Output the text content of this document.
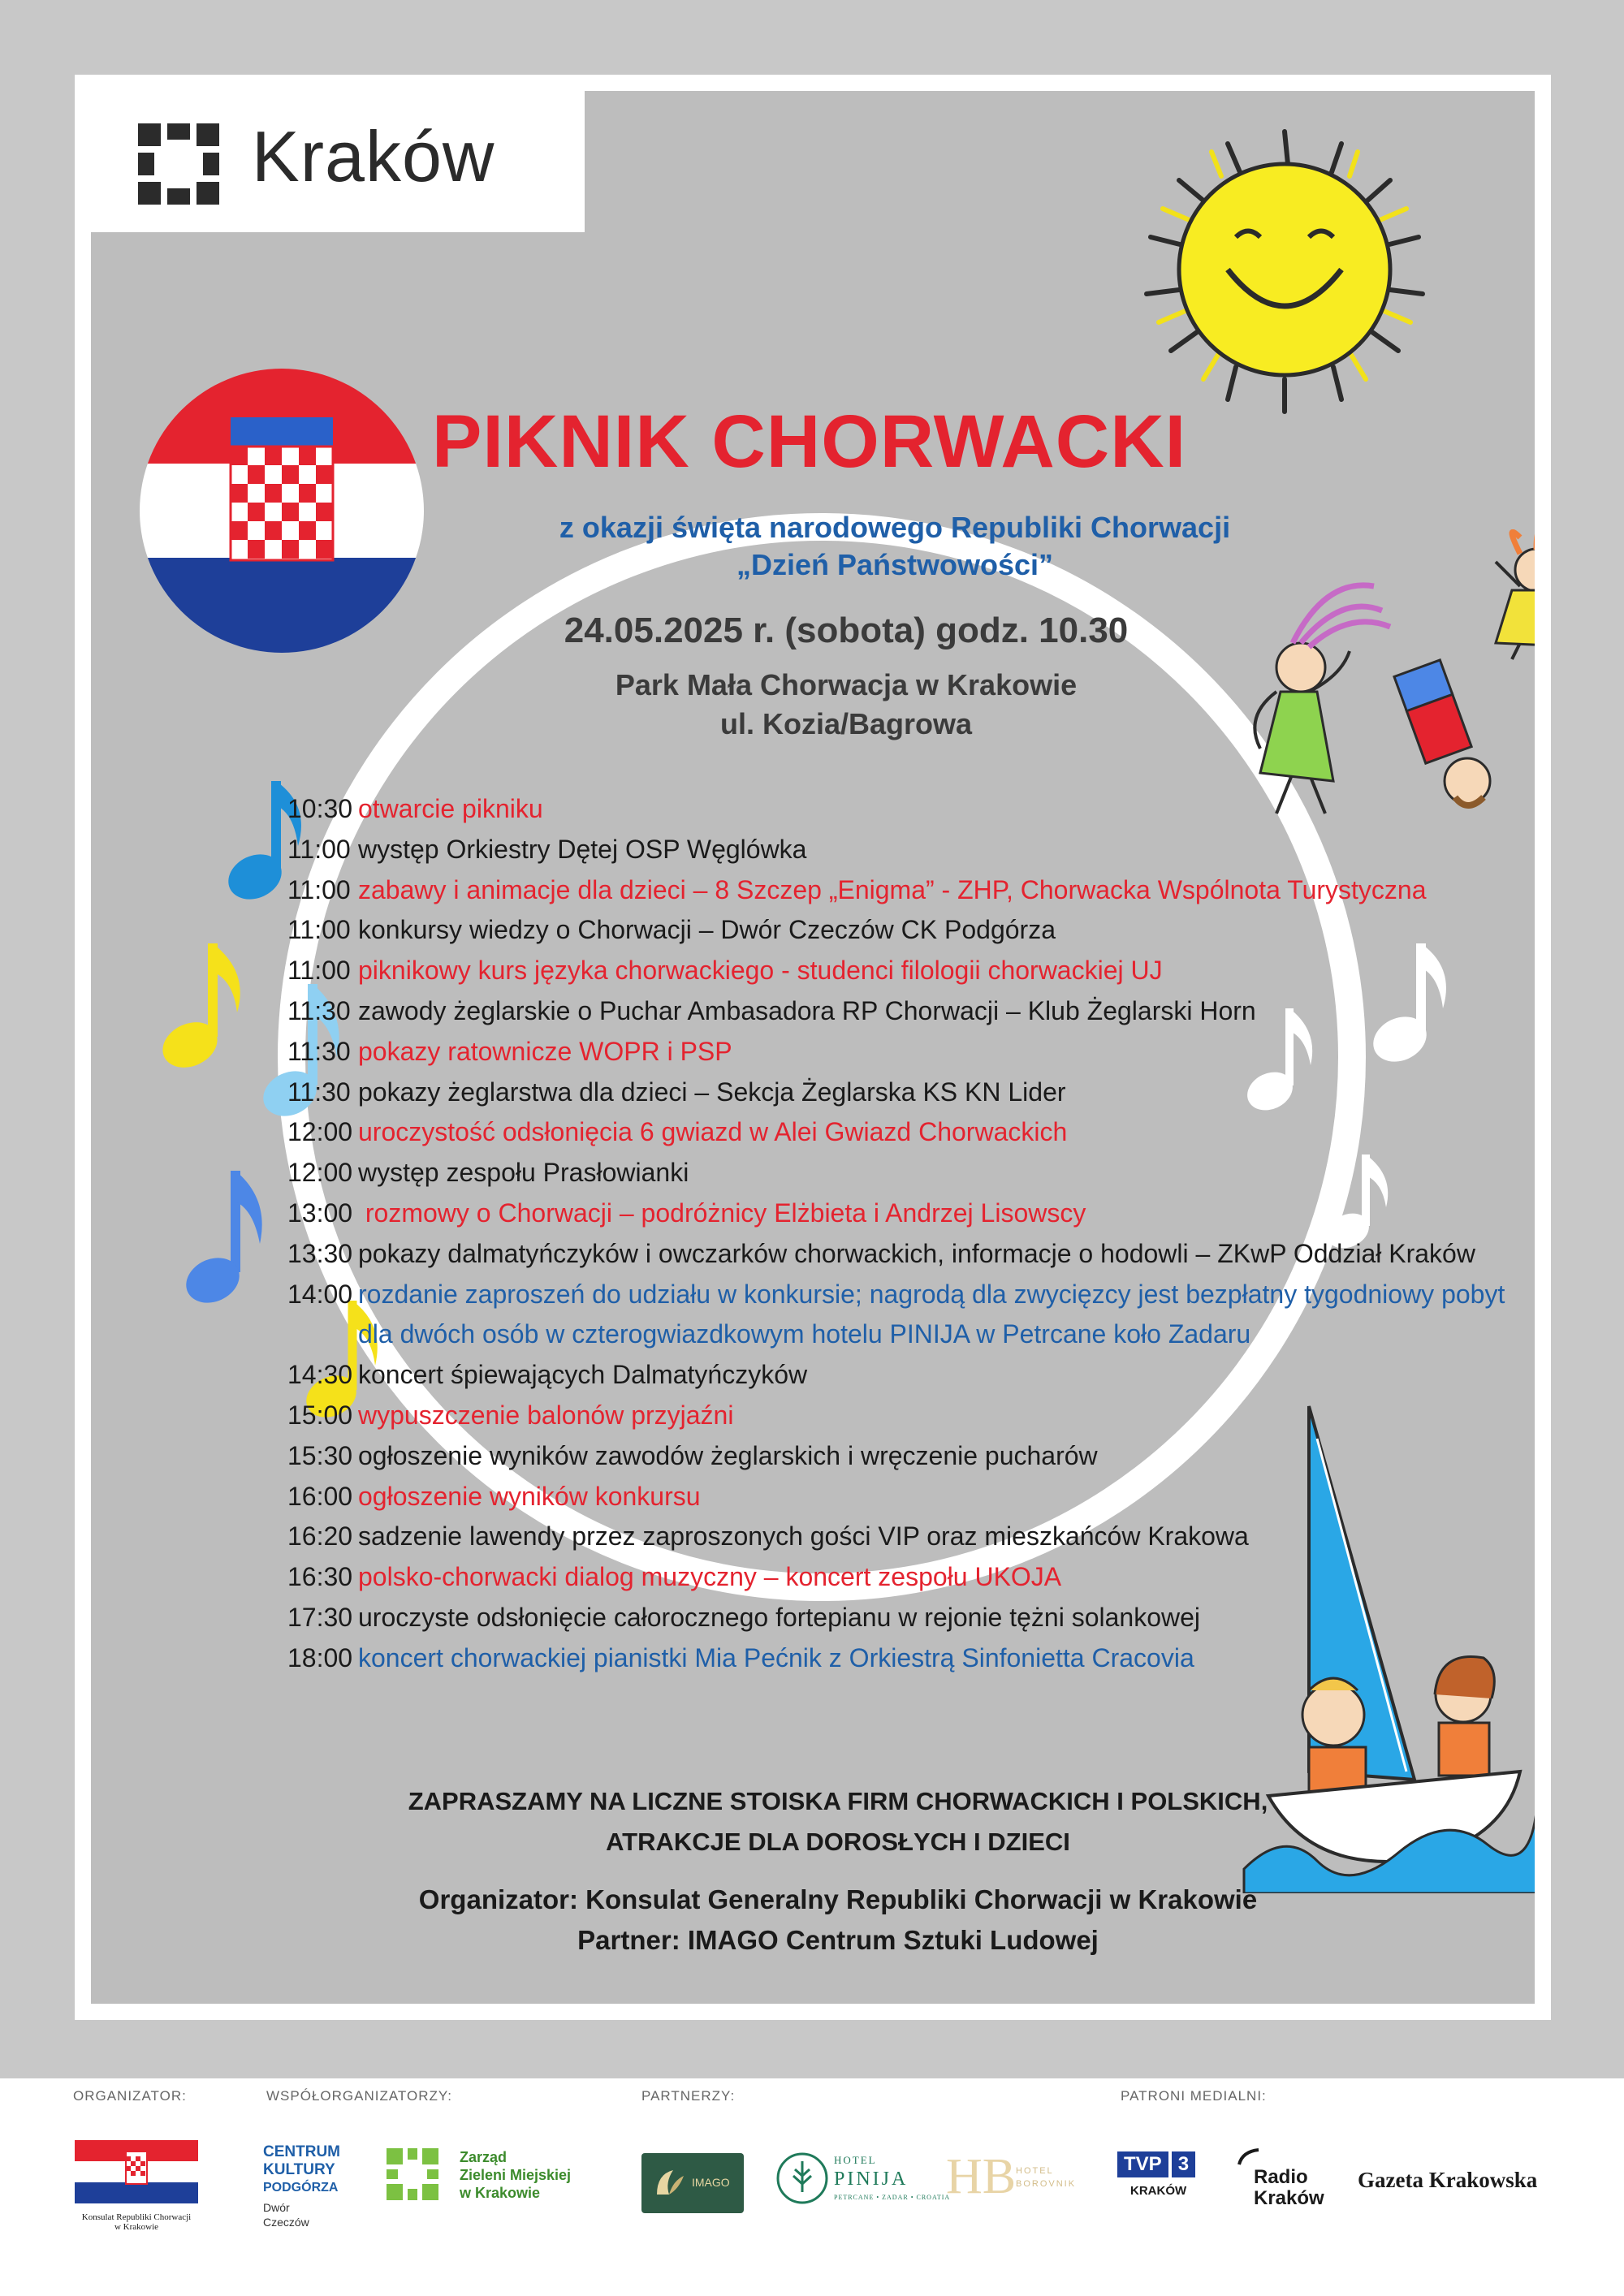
Kraków
PIKNIK CHORWACKI
z okazji święta narodowego Republiki Chorwacji
„Dzień Państwowości”
24.05.2025 r. (sobota) godz. 10.30
Park Mała Chorwacja w Krakowie
ul. Kozia/Bagrowa
10:30 otwarcie pikniku
11:00 występ Orkiestry Dętej OSP Węglówka
11:00 zabawy i animacje dla dzieci – 8 Szczep „Enigma” - ZHP, Chorwacka Wspólnota Turystyczna
11:00 konkursy wiedzy o Chorwacji – Dwór Czeczów CK Podgórza
11:00 piknikowy kurs języka chorwackiego - studenci filologii chorwackiej UJ
11:30 zawody żeglarskie o Puchar Ambasadora RP Chorwacji – Klub Żeglarski Horn
11:30 pokazy ratownicze WOPR i PSP
11:30 pokazy żeglarstwa dla dzieci – Sekcja Żeglarska KS KN Lider
12:00 uroczystość odsłonięcia 6 gwiazd w Alei Gwiazd Chorwackich
12:00 występ zespołu Prasłowianki
13:00 rozmowy o Chorwacji – podróżnicy Elżbieta i Andrzej Lisowscy
13:30 pokazy dalmatyńczyków i owczarków chorwackich, informacje o hodowli – ZKwP Oddział Kraków
14:00 rozdanie zaproszeń do udziału w konkursie; nagrodą dla zwycięzcy jest bezpłatny tygodniowy pobyt
dla dwóch osób w czterogwiazdkowym hotelu PINIJA w Petrcane koło Zadaru
14:30 koncert śpiewających Dalmatyńczyków
15:00 wypuszczenie balonów przyjaźni
15:30 ogłoszenie wyników zawodów żeglarskich i wręczenie pucharów
16:00 ogłoszenie wyników konkursu
16:20 sadzenie lawendy przez zaproszonych gości VIP oraz mieszkańców Krakowa
16:30 polsko-chorwacki dialog muzyczny – koncert zespołu UKOJA
17:30 uroczyste odsłonięcie całorocznego fortepianu w rejonie tężni solankowej
18:00 koncert chorwackiej pianistki Mia Pećnik z Orkiestrą Sinfonietta Cracovia
ZAPRASZAMY NA LICZNE STOISKA FIRM CHORWACKICH I POLSKICH,
ATRAKCJE DLA DOROSŁYCH I DZIECI
Organizator: Konsulat Generalny Republiki Chorwacji w Krakowie
Partner: IMAGO Centrum Sztuki Ludowej
ORGANIZATOR:	WSPÓŁORGANIZATORZY:	PARTNERZY:	PATRONI MEDIALNI:
Konsulat Republiki Chorwacji
w Krakowie
CENTRUM
KULTURY
PODGÓRZA
Dwór
Czeczów
Zarząd
Zieleni Miejskiej
w Krakowie
IMAGO
HOTEL
PINIJA
PETRCANE • ZADAR • CROATIA
HB HOTEL
BOROVNIK
TVP 3
KRAKÓW
Radio
Kraków
Gazeta Krakowska
